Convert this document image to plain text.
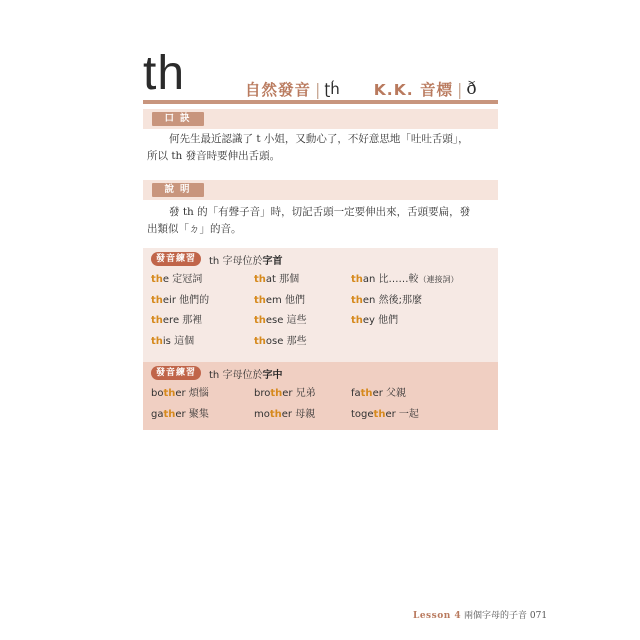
th	自然發音 | ʈh́ K.K. 音標 | ð
口訣

何先生最近認識了 t 小姐，又動心了，不好意思地「吐吐舌頭」，

所以 th 發音時要伸出舌頭。

說明

發 th 的「有聲子音」時，切記舌頭一定要伸出來，舌頭要扁，發

出類似「ㄉ」的音。

發音練習	th 字母位於字首
the 定冠詞	that 那個	than 比……較（連接詞）
their 他們的	them 他們	then 然後;那麼
there 那裡	these 這些	they 他們
this 這個	those 那些
發音練習	th 字母位於字中
bother 煩惱	brother 兄弟	father 父親
gather 聚集	mother 母親	together 一起
Lesson 4 兩個字母的子音 071
